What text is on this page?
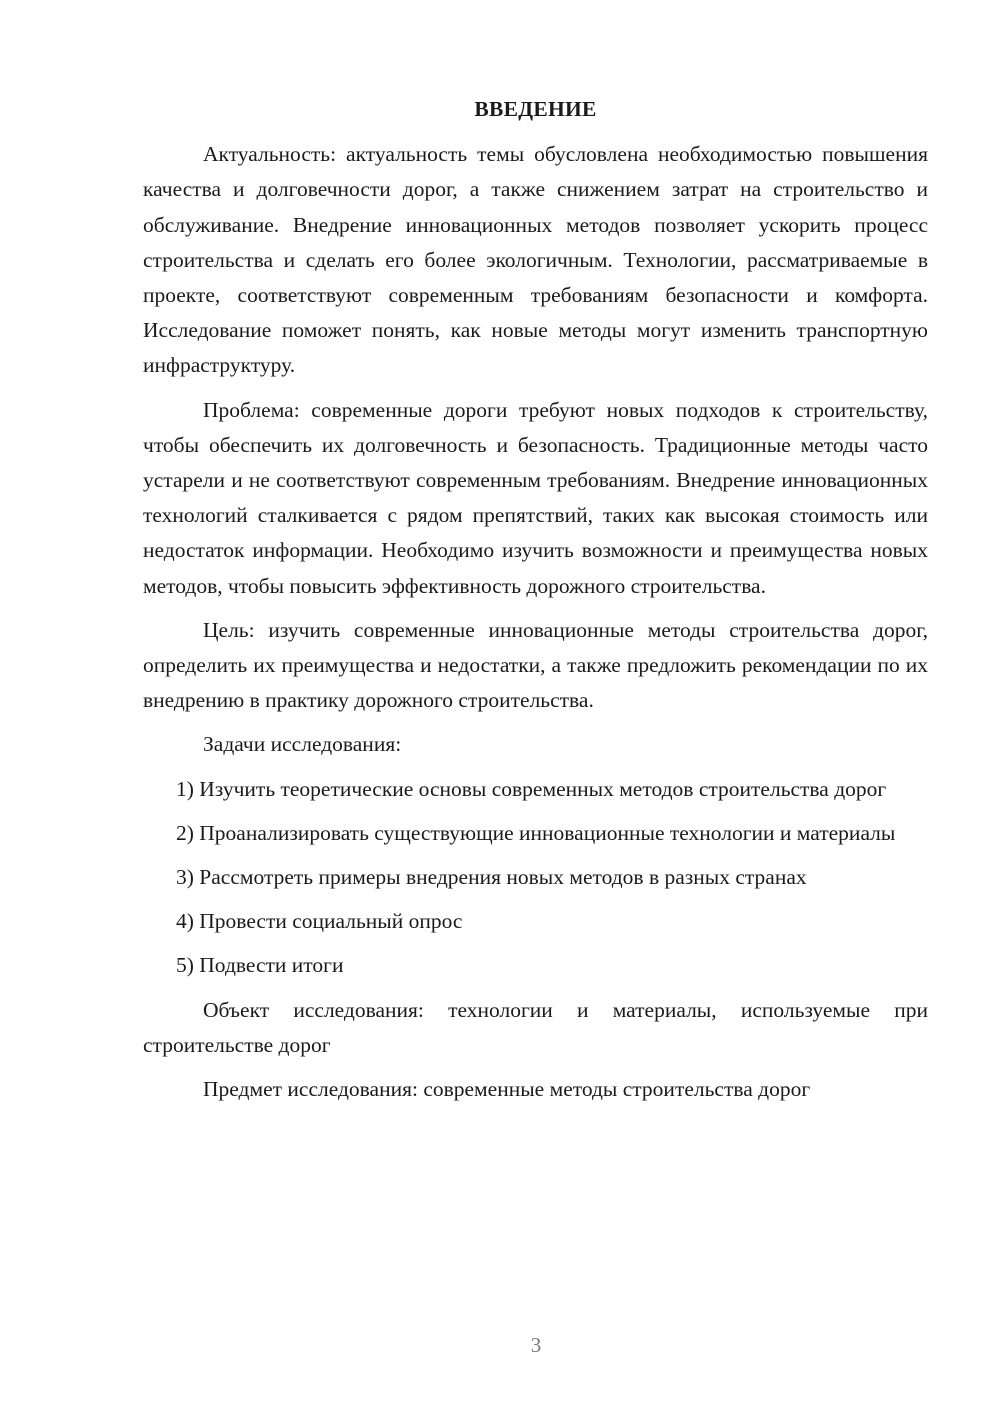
ВВЕДЕНИЕ

Актуальность: актуальность темы обусловлена необходимостью повышения качества и долговечности дорог, а также снижением затрат на строительство и обслуживание. Внедрение инновационных методов позволяет ускорить процесс строительства и сделать его более экологичным. Технологии, рассматриваемые в проекте, соответствуют современным требованиям безопасности и комфорта. Исследование поможет понять, как новые методы могут изменить транспортную инфраструктуру.

Проблема: современные дороги требуют новых подходов к строительству, чтобы обеспечить их долговечность и безопасность. Традиционные методы часто устарели и не соответствуют современным требованиям. Внедрение инновационных технологий сталкивается с рядом препятствий, таких как высокая стоимость или недостаток информации. Необходимо изучить возможности и преимущества новых методов, чтобы повысить эффективность дорожного строительства.

Цель: изучить современные инновационные методы строительства дорог, определить их преимущества и недостатки, а также предложить рекомендации по их внедрению в практику дорожного строительства.

Задачи исследования:

1) Изучить теоретические основы современных методов строительства дорог

2) Проанализировать существующие инновационные технологии и материалы

3) Рассмотреть примеры внедрения новых методов в разных странах

4) Провести социальный опрос

5) Подвести итоги

Объект исследования: технологии и материалы, используемые при строительстве дорог

Предмет исследования: современные методы строительства дорог

3
